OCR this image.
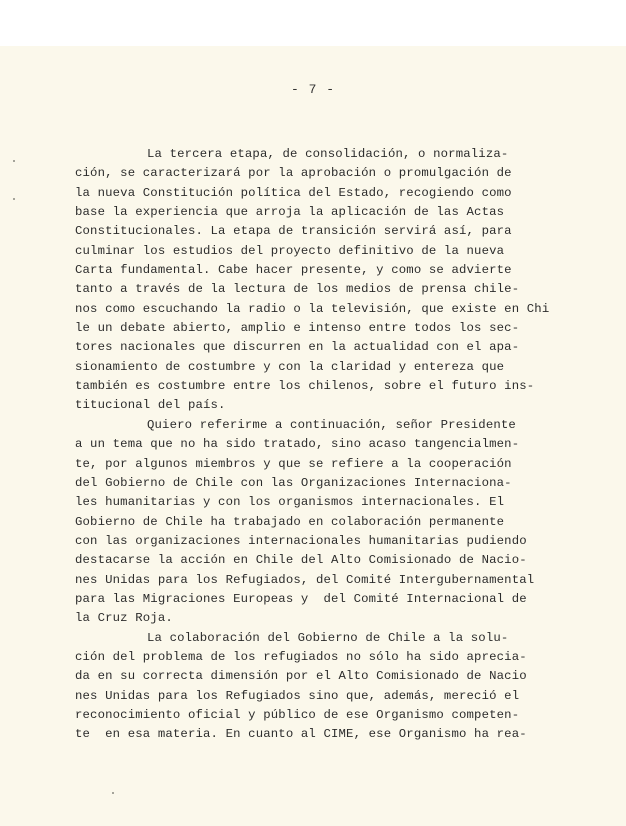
- 7 -
La tercera etapa, de consolidación, o normaliza-
ción, se caracterizará por la aprobación o promulgación de
la nueva Constitución política del Estado, recogiendo como
base la experiencia que arroja la aplicación de las Actas
Constitucionales. La etapa de transición servirá así, para
culminar los estudios del proyecto definitivo de la nueva
Carta fundamental. Cabe hacer presente, y como se advierte
tanto a través de la lectura de los medios de prensa chile-
nos como escuchando la radio o la televisión, que existe en Chi
le un debate abierto, amplio e intenso entre todos los sec-
tores nacionales que discurren en la actualidad con el apa-
sionamiento de costumbre y con la claridad y entereza que
también es costumbre entre los chilenos, sobre el futuro ins-
titucional del país.
Quiero referirme a continuación, señor Presidente
a un tema que no ha sido tratado, sino acaso tangencialmen-
te, por algunos miembros y que se refiere a la cooperación
del Gobierno de Chile con las Organizaciones Internaciona-
les humanitarias y con los organismos internacionales. El
Gobierno de Chile ha trabajado en colaboración permanente
con las organizaciones internacionales humanitarias pudiendo
destacarse la acción en Chile del Alto Comisionado de Nacio-
nes Unidas para los Refugiados, del Comité Intergubernamental
para las Migraciones Europeas y  del Comité Internacional de
la Cruz Roja.
La colaboración del Gobierno de Chile a la solu-
ción del problema de los refugiados no sólo ha sido apreciа-
da en su correcta dimensión por el Alto Comisionado de Nacio
nes Unidas para los Refugiados sino que, además, mereció el
reconocimiento oficial y público de ese Organismo competen-
te  en esa materia. En cuanto al CIME, ese Organismo ha rea-
